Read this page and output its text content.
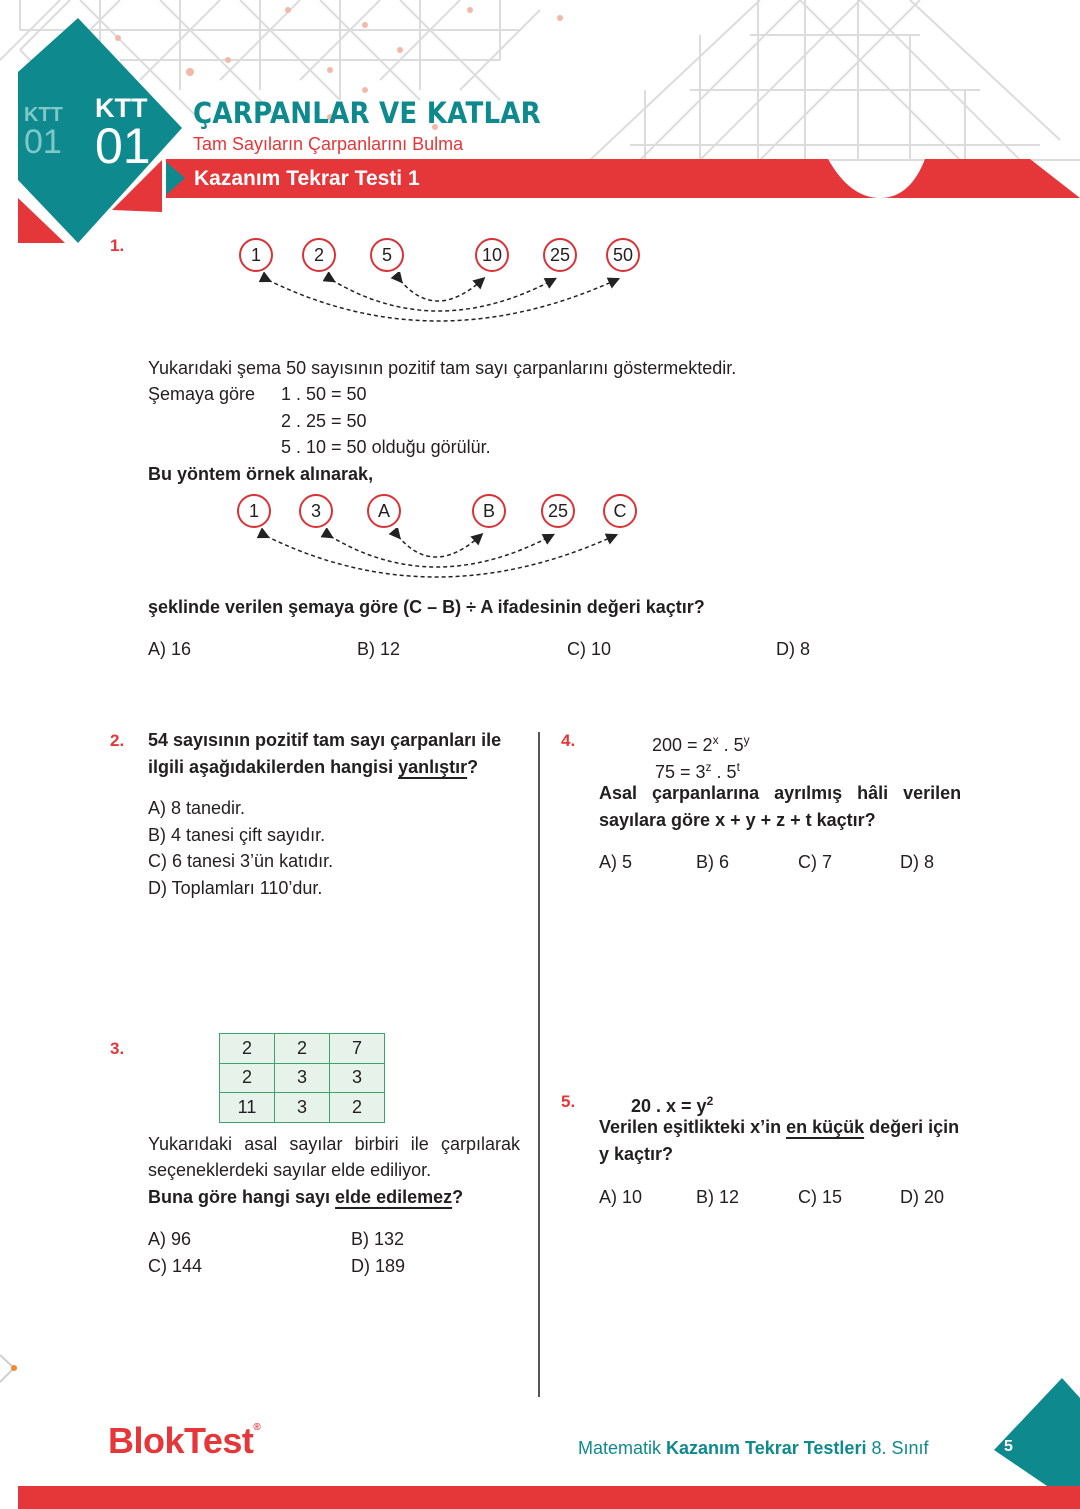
KTT
01
KTT
01
ÇARPANLAR VE KATLAR
Tam Sayıların Çarpanlarını Bulma
Kazanım Tekrar Testi 1
1.	1	2	5	10	25	50
Yukarıdaki şema 50 sayısının pozitif tam sayı çarpanlarını göstermektedir.
Şemaya göre 1 . 50 = 50
2 . 25 = 50
5 . 10 = 50 olduğu görülür.
Bu yöntem örnek alınarak,
1	3	A	B	25	C
şeklinde verilen şemaya göre (C – B) ÷ A ifadesinin değeri kaçtır?
A) 16	B) 12	C) 10	D) 8
2. 54 sayısının pozitif tam sayı çarpanları ile
ilgili aşağıdakilerden hangisi yanlıştır?
A) 8 tanedir.
B) 4 tanesi çift sayıdır.
C) 6 tanesi 3’ün katıdır.
D) Toplamları 110’dur.
4.	$200 = 2^x$ . 5$^y$
$75 = 3^z$ . 5$^t$
Asal   çarpanlarına   ayrılmış   hâli   verilen
sayılara göre x + y + z + t kaçtır?
A) 5	B) 6	C) 7	D) 8
3.	2	2	7
2	3	3
11	3	2
Yukarıdaki asal sayılar birbiri ile çarpılarak
seçeneklerdeki sayılar elde ediliyor.
Buna göre hangi sayı elde edilemez?
A) 96	B) 132
C) 144	D) 189
5.	20 . $x = y^2$
Verilen eşitlikteki x’in en küçük değeri için
y kaçtır?
A) 10	B) 12	C) 15	D) 20
BlokTest®
Matematik Kazanım Tekrar Testleri 8. Sınıf	5
